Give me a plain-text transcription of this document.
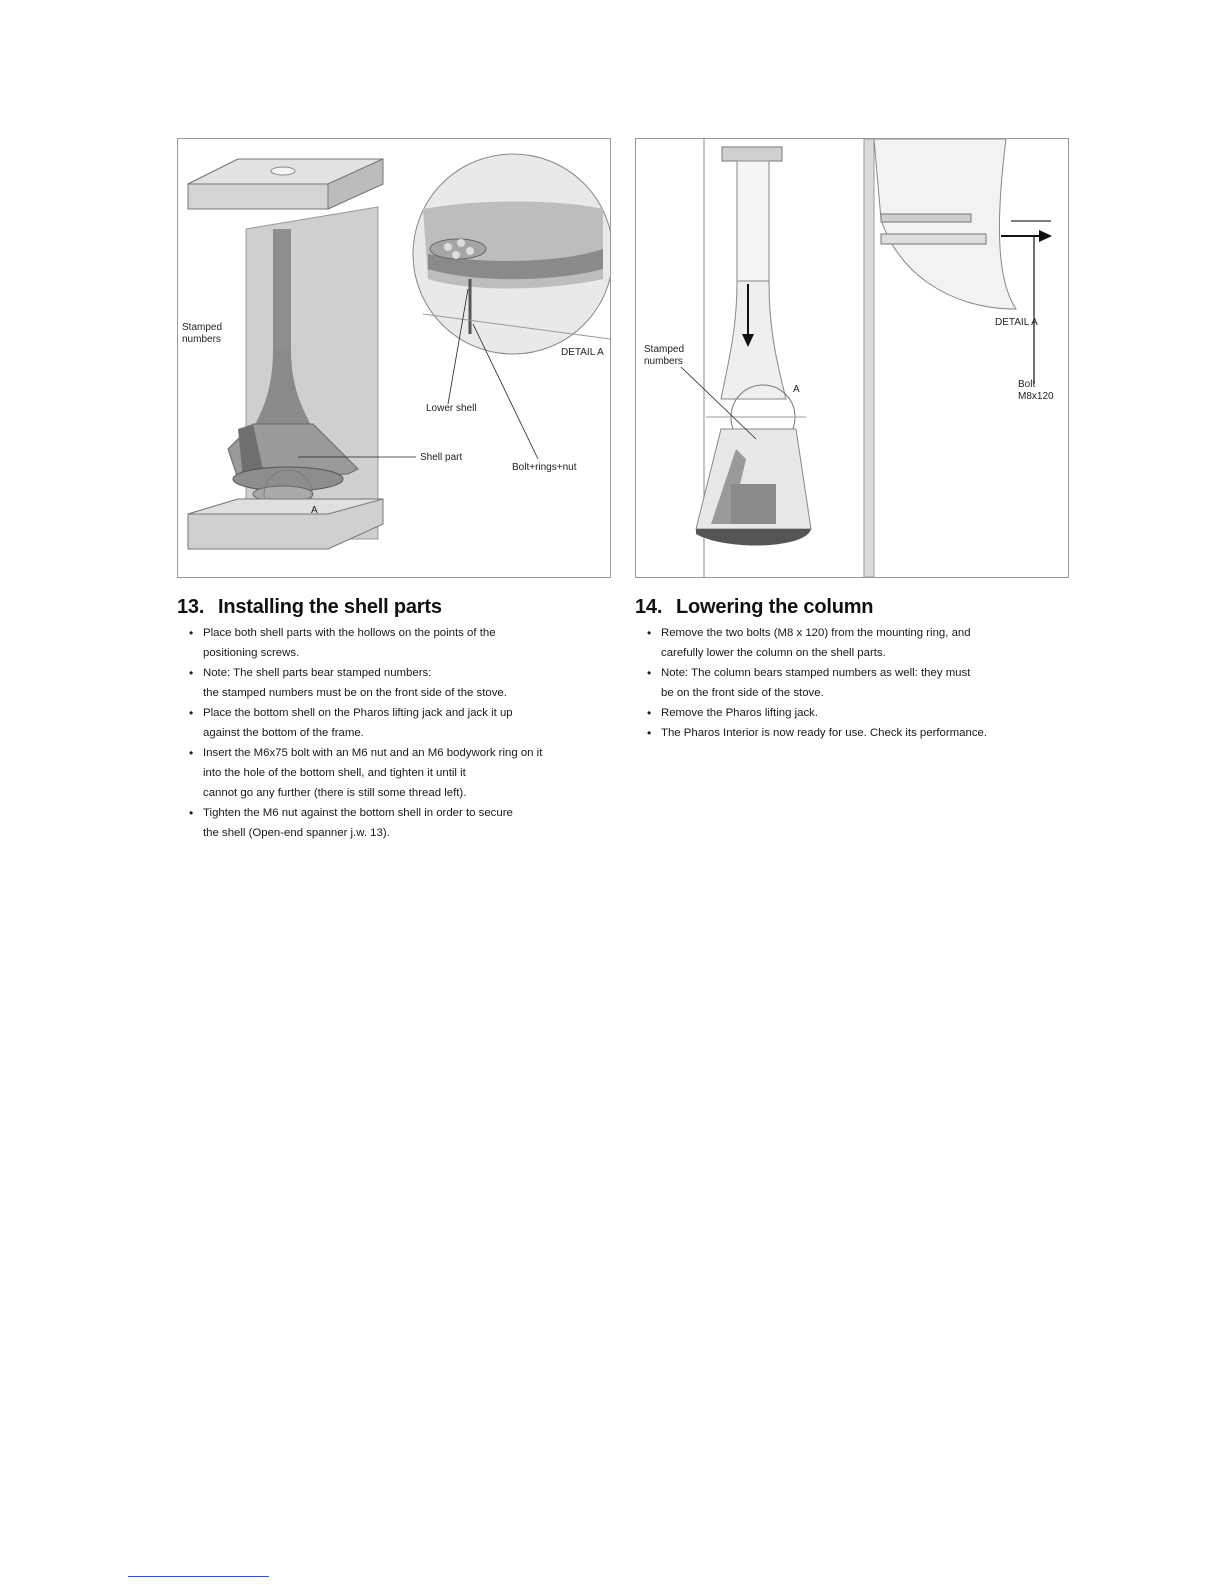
Stamped
numbers
DETAIL A
Lower shell
Shell part
Bolt+rings+nut
A
Stamped
numbers
A
DETAIL A
Bolt
M8x120
13. Installing the shell parts
• Place both shell parts with the hollows on the points of the
positioning screws.
• Note: The shell parts bear stamped numbers:
the stamped numbers must be on the front side of the stove.
• Place the bottom shell on the Pharos lifting jack and jack it up
against the bottom of the frame.
• Insert the M6x75 bolt with an M6 nut and an M6 bodywork ring on it
into the hole of the bottom shell, and tighten it until it
cannot go any further (there is still some thread left).
• Tighten the M6 nut against the bottom shell in order to secure
the shell (Open-end spanner j.w. 13).
14. Lowering the column
• Remove the two bolts (M8 x 120) from the mounting ring, and
carefully lower the column on the shell parts.
• Note: The column bears stamped numbers as well: they must
be on the front side of the stove.
• Remove the Pharos lifting jack.
• The Pharos Interior is now ready for use. Check its performance.
